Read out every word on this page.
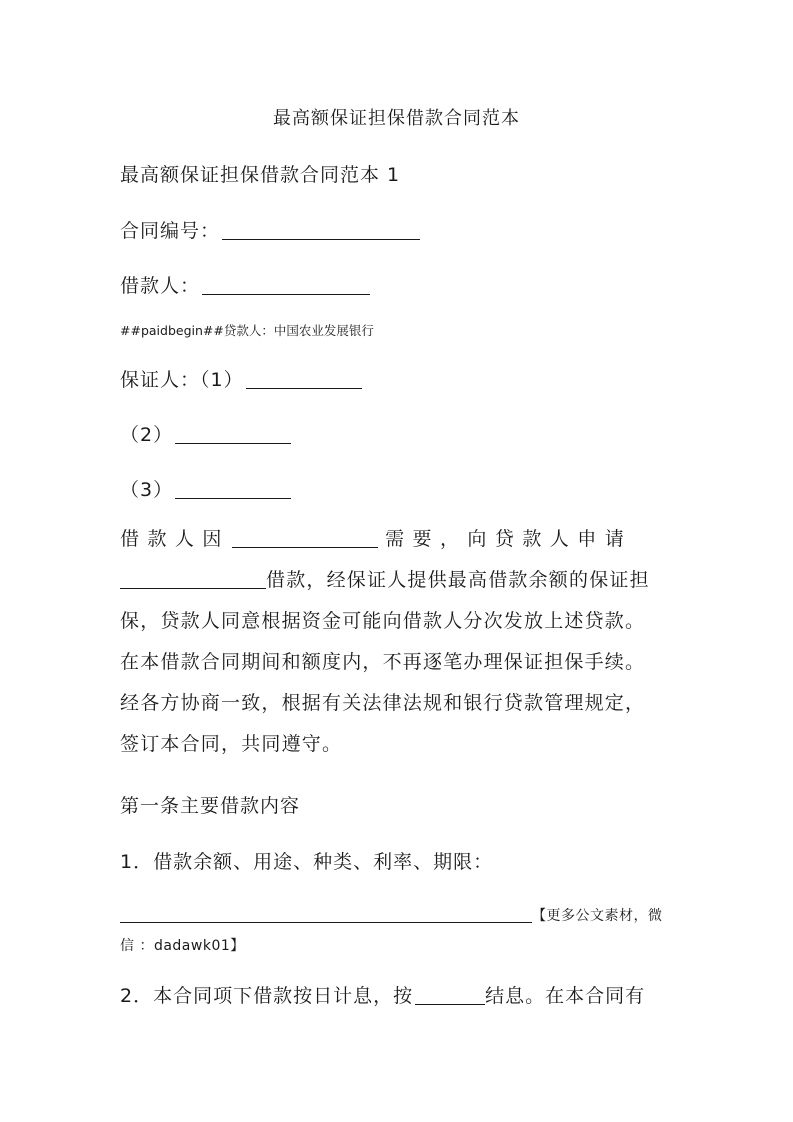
最高额保证担保借款合同范本
最高额保证担保借款合同范本 1
合同编号：
借款人：
##paidbegin##贷款人：中国农业发展银行
保证人：（1）
（2）
（3）
借 款 人 因	需 要 ， 向 贷 款 人 申 请
借款，经保证人提供最高借款余额的保证担
保，贷款人同意根据资金可能向借款人分次发放上述贷款。
在本借款合同期间和额度内，不再逐笔办理保证担保手续。
经各方协商一致，根据有关法律法规和银行贷款管理规定，
签订本合同，共同遵守。
第一条主要借款内容
1．借款余额、用途、种类、利率、期限：
【更多公文素材，微
信 ：dadawk01】
2．本合同项下借款按日计息，按	结息。在本合同有
